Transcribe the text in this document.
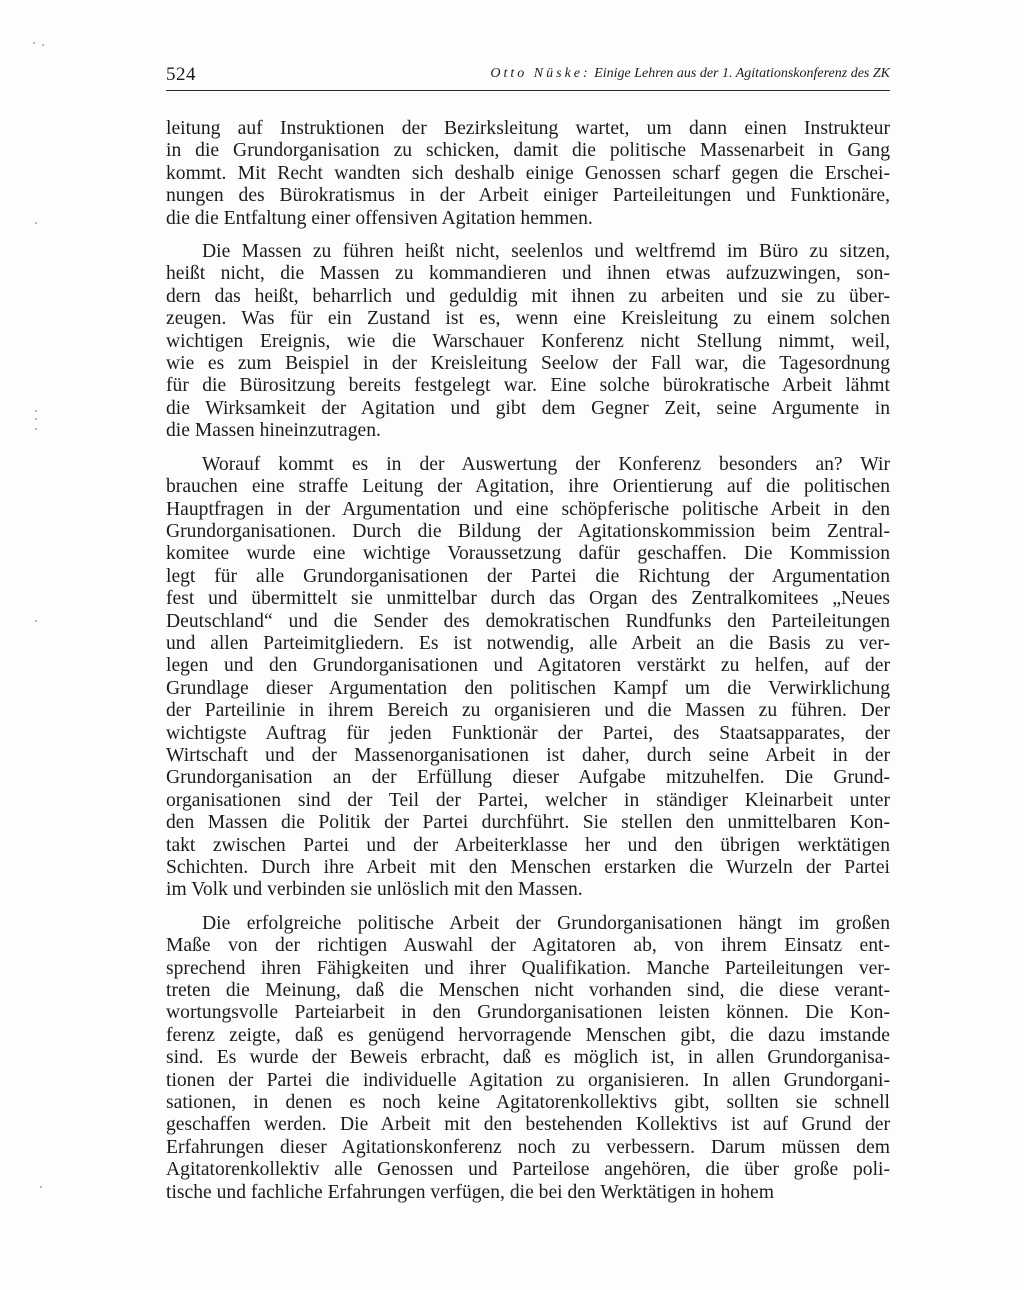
524	Otto Nüske: Einige Lehren aus der 1. Agitationskonferenz des ZK
leitung auf Instruktionen der Bezirksleitung wartet, um dann einen Instrukteur
in die Grundorganisation zu schicken, damit die politische Massenarbeit in Gang
kommt. Mit Recht wandten sich deshalb einige Genossen scharf gegen die Erschei-
nungen des Bürokratismus in der Arbeit einiger Parteileitungen und Funktionäre,
die die Entfaltung einer offensiven Agitation hemmen.
Die Massen zu führen heißt nicht, seelenlos und weltfremd im Büro zu sitzen,
heißt nicht, die Massen zu kommandieren und ihnen etwas aufzuzwingen, son-
dern das heißt, beharrlich und geduldig mit ihnen zu arbeiten und sie zu über-
zeugen. Was für ein Zustand ist es, wenn eine Kreisleitung zu einem solchen
wichtigen Ereignis, wie die Warschauer Konferenz nicht Stellung nimmt, weil,
wie es zum Beispiel in der Kreisleitung Seelow der Fall war, die Tagesordnung
für die Bürositzung bereits festgelegt war. Eine solche bürokratische Arbeit lähmt
die Wirksamkeit der Agitation und gibt dem Gegner Zeit, seine Argumente in
die Massen hineinzutragen.
Worauf kommt es in der Auswertung der Konferenz besonders an? Wir
brauchen eine straffe Leitung der Agitation, ihre Orientierung auf die politischen
Hauptfragen in der Argumentation und eine schöpferische politische Arbeit in den
Grundorganisationen. Durch die Bildung der Agitationskommission beim Zentral-
komitee wurde eine wichtige Voraussetzung dafür geschaffen. Die Kommission
legt für alle Grundorganisationen der Partei die Richtung der Argumentation
fest und übermittelt sie unmittelbar durch das Organ des Zentralkomitees „Neues
Deutschland“ und die Sender des demokratischen Rundfunks den Parteileitungen
und allen Parteimitgliedern. Es ist notwendig, alle Arbeit an die Basis zu ver-
legen und den Grundorganisationen und Agitatoren verstärkt zu helfen, auf der
Grundlage dieser Argumentation den politischen Kampf um die Verwirklichung
der Parteilinie in ihrem Bereich zu organisieren und die Massen zu führen. Der
wichtigste Auftrag für jeden Funktionär der Partei, des Staatsapparates, der
Wirtschaft und der Massenorganisationen ist daher, durch seine Arbeit in der
Grundorganisation an der Erfüllung dieser Aufgabe mitzuhelfen. Die Grund-
organisationen sind der Teil der Partei, welcher in ständiger Kleinarbeit unter
den Massen die Politik der Partei durchführt. Sie stellen den unmittelbaren Kon-
takt zwischen Partei und der Arbeiterklasse her und den übrigen werktätigen
Schichten. Durch ihre Arbeit mit den Menschen erstarken die Wurzeln der Partei
im Volk und verbinden sie unlöslich mit den Massen.
Die erfolgreiche politische Arbeit der Grundorganisationen hängt im großen
Maße von der richtigen Auswahl der Agitatoren ab, von ihrem Einsatz ent-
sprechend ihren Fähigkeiten und ihrer Qualifikation. Manche Parteileitungen ver-
treten die Meinung, daß die Menschen nicht vorhanden sind, die diese verant-
wortungsvolle Parteiarbeit in den Grundorganisationen leisten können. Die Kon-
ferenz zeigte, daß es genügend hervorragende Menschen gibt, die dazu imstande
sind. Es wurde der Beweis erbracht, daß es möglich ist, in allen Grundorganisa-
tionen der Partei die individuelle Agitation zu organisieren. In allen Grundorgani-
sationen, in denen es noch keine Agitatorenkollektivs gibt, sollten sie schnell
geschaffen werden. Die Arbeit mit den bestehenden Kollektivs ist auf Grund der
Erfahrungen dieser Agitationskonferenz noch zu verbessern. Darum müssen dem
Agitatorenkollektiv alle Genossen und Parteilose angehören, die über große poli-
tische und fachliche Erfahrungen verfügen, die bei den Werktätigen in hohem
